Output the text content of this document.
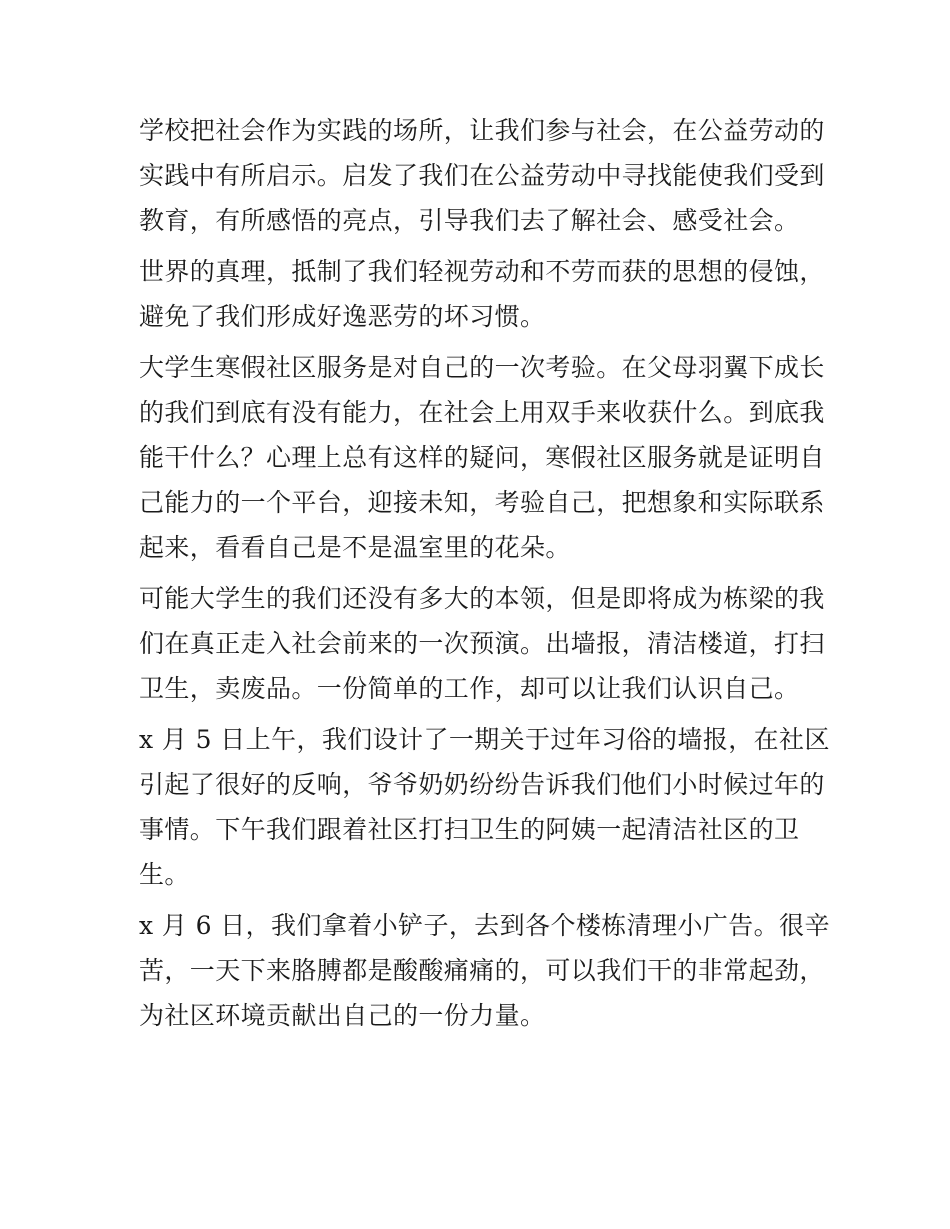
学校把社会作为实践的场所，让我们参与社会，在公益劳动的
实践中有所启示。启发了我们在公益劳动中寻找能使我们受到
教育，有所感悟的亮点，引导我们去了解社会、感受社会。

世界的真理，抵制了我们轻视劳动和不劳而获的思想的侵蚀，
避免了我们形成好逸恶劳的坏习惯。

大学生寒假社区服务是对自己的一次考验。在父母羽翼下成长
的我们到底有没有能力，在社会上用双手来收获什么。到底我
能干什么？心理上总有这样的疑问，寒假社区服务就是证明自
己能力的一个平台，迎接未知，考验自己，把想象和实际联系
起来，看看自己是不是温室里的花朵。

可能大学生的我们还没有多大的本领，但是即将成为栋梁的我
们在真正走入社会前来的一次预演。出墙报，清洁楼道，打扫
卫生，卖废品。一份简单的工作，却可以让我们认识自己。

x 月 5 日上午，我们设计了一期关于过年习俗的墙报，在社区
引起了很好的反响，爷爷奶奶纷纷告诉我们他们小时候过年的
事情。下午我们跟着社区打扫卫生的阿姨一起清洁社区的卫
生。

x 月 6 日，我们拿着小铲子，去到各个楼栋清理小广告。很辛
苦，一天下来胳膊都是酸酸痛痛的，可以我们干的非常起劲，
为社区环境贡献出自己的一份力量。
